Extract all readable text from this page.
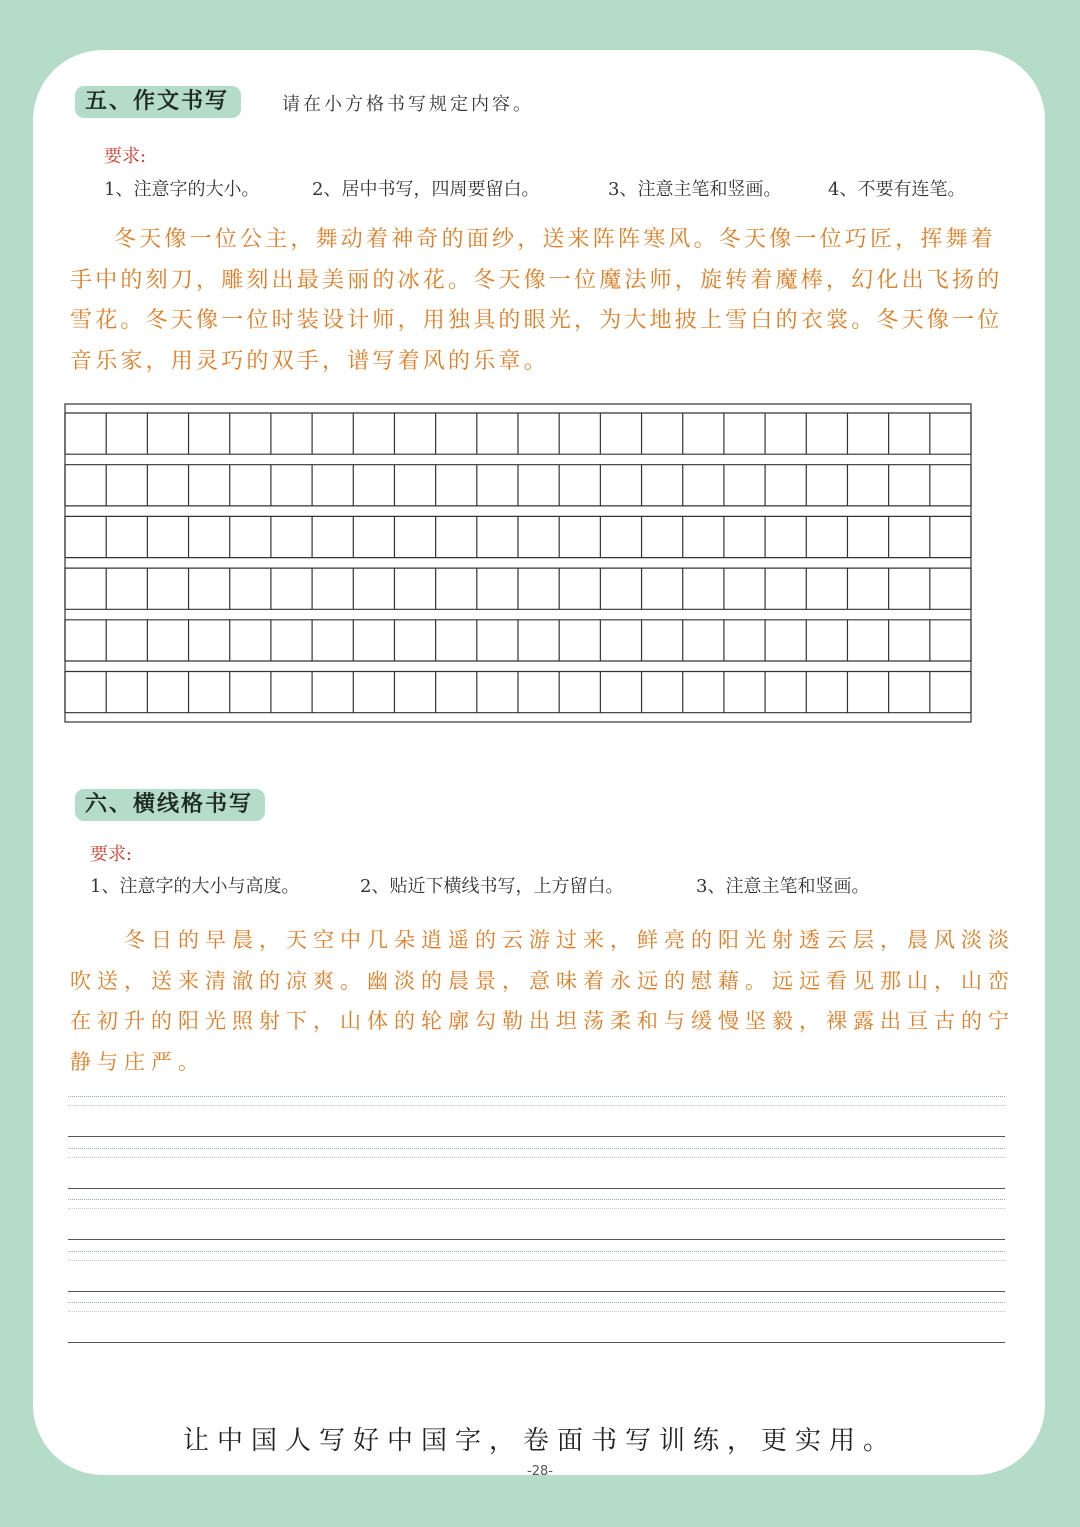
五、作文书写	请在小方格书写规定内容。
要求:
1、注意字的大小。	2、居中书写，四周要留白。	3、注意主笔和竖画。	4、不要有连笔。
冬天像一位公主，舞动着神奇的面纱，送来阵阵寒风。冬天像一位巧匠，挥舞着
手中的刻刀，雕刻出最美丽的冰花。冬天像一位魔法师，旋转着魔棒，幻化出飞扬的
雪花。冬天像一位时装设计师，用独具的眼光，为大地披上雪白的衣裳。冬天像一位
音乐家，用灵巧的双手，谱写着风的乐章。
六、横线格书写
要求:
1、注意字的大小与高度。	2、贴近下横线书写，上方留白。	3、注意主笔和竖画。
冬日的早晨，天空中几朵逍遥的云游过来，鲜亮的阳光射透云层，晨风淡淡
吹送，送来清澈的凉爽。幽淡的晨景，意味着永远的慰藉。远远看见那山，山峦
在初升的阳光照射下，山体的轮廓勾勒出坦荡柔和与缓慢坚毅，裸露出亘古的宁
静与庄严。
让中国人写好中国字，卷面书写训练，更实用。
-28-
